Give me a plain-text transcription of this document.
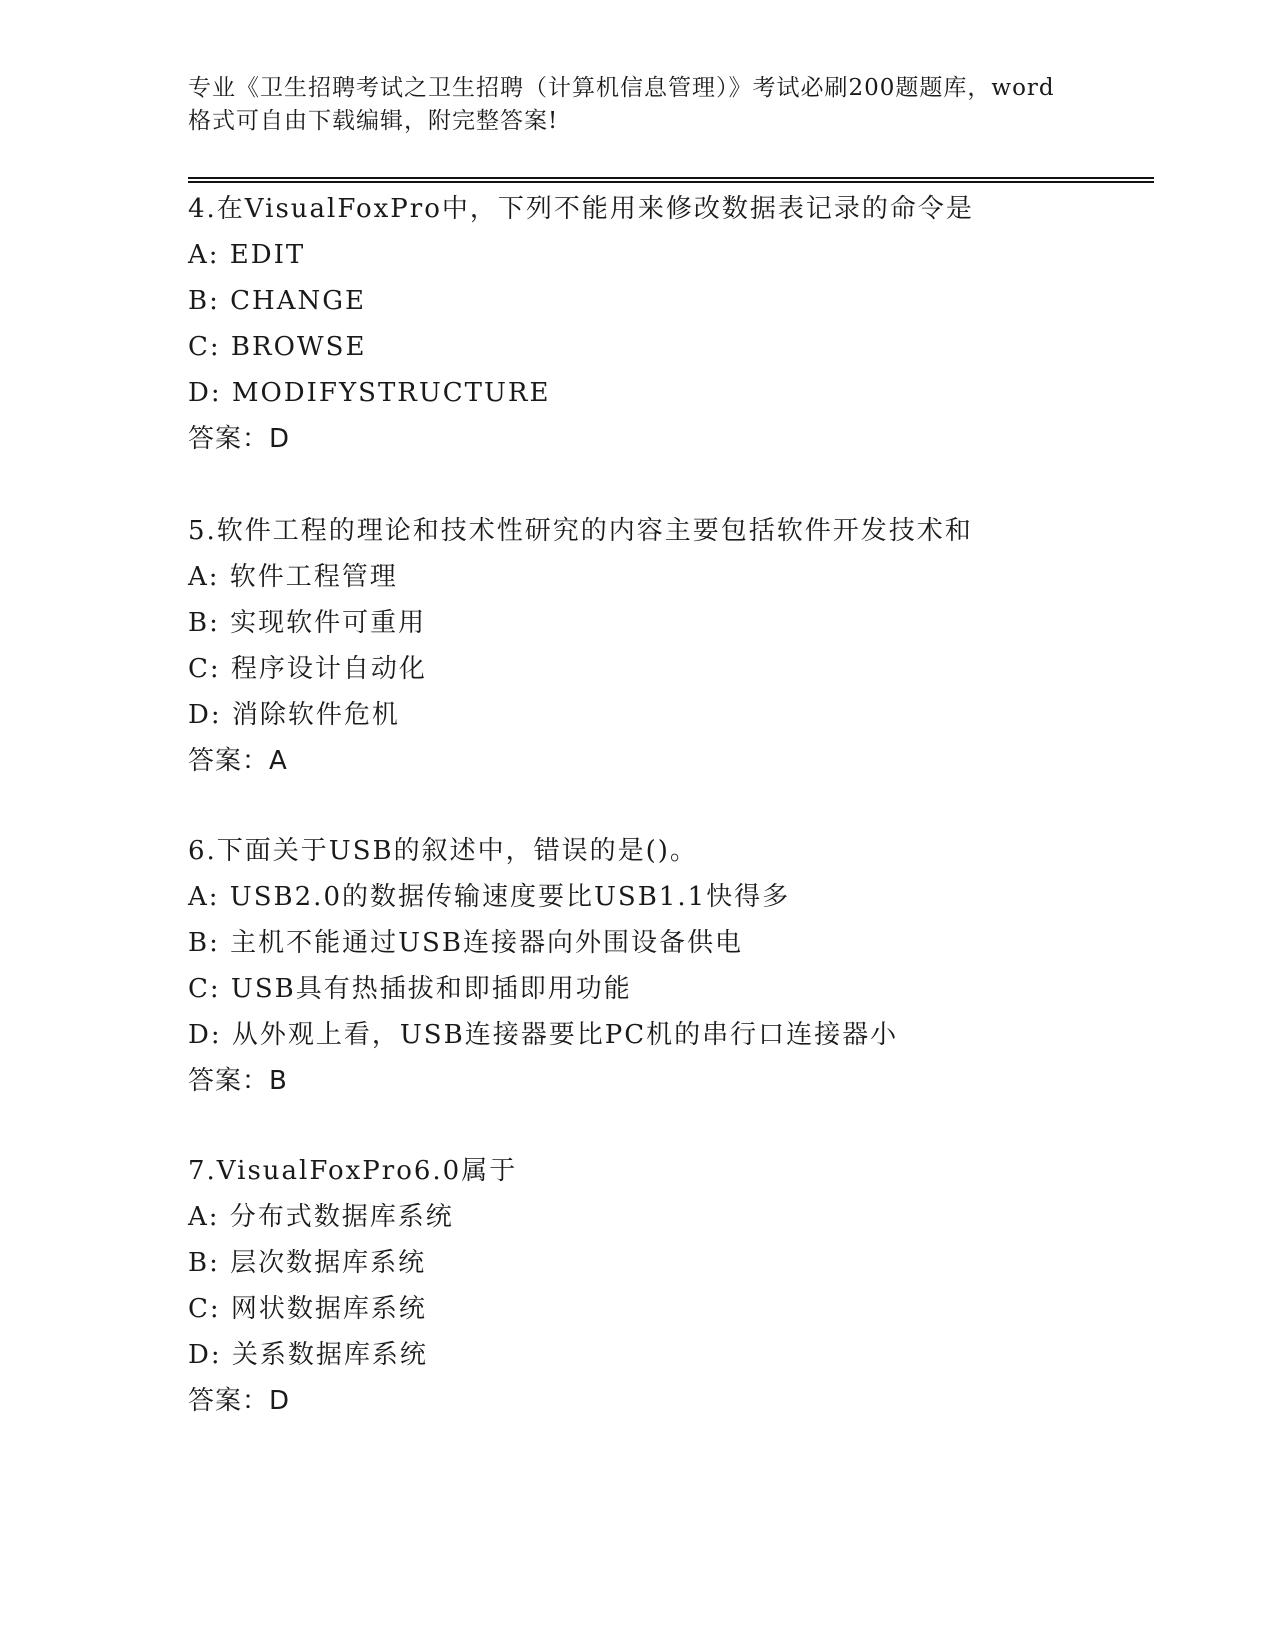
专业《卫生招聘考试之卫生招聘（计算机信息管理）》考试必刷200题题库，word
格式可自由下载编辑，附完整答案!
4.在VisualFoxPro中，下列不能用来修改数据表记录的命令是
A: EDIT
B: CHANGE
C: BROWSE
D: MODIFYSTRUCTURE
答案：D
5.软件工程的理论和技术性研究的内容主要包括软件开发技术和
A: 软件工程管理
B: 实现软件可重用
C: 程序设计自动化
D: 消除软件危机
答案：A
6.下面关于USB的叙述中，错误的是()。
A: USB2.0的数据传输速度要比USB1.1快得多
B: 主机不能通过USB连接器向外围设备供电
C: USB具有热插拔和即插即用功能
D: 从外观上看，USB连接器要比PC机的串行口连接器小
答案：B
7.VisualFoxPro6.0属于
A: 分布式数据库系统
B: 层次数据库系统
C: 网状数据库系统
D: 关系数据库系统
答案：D
